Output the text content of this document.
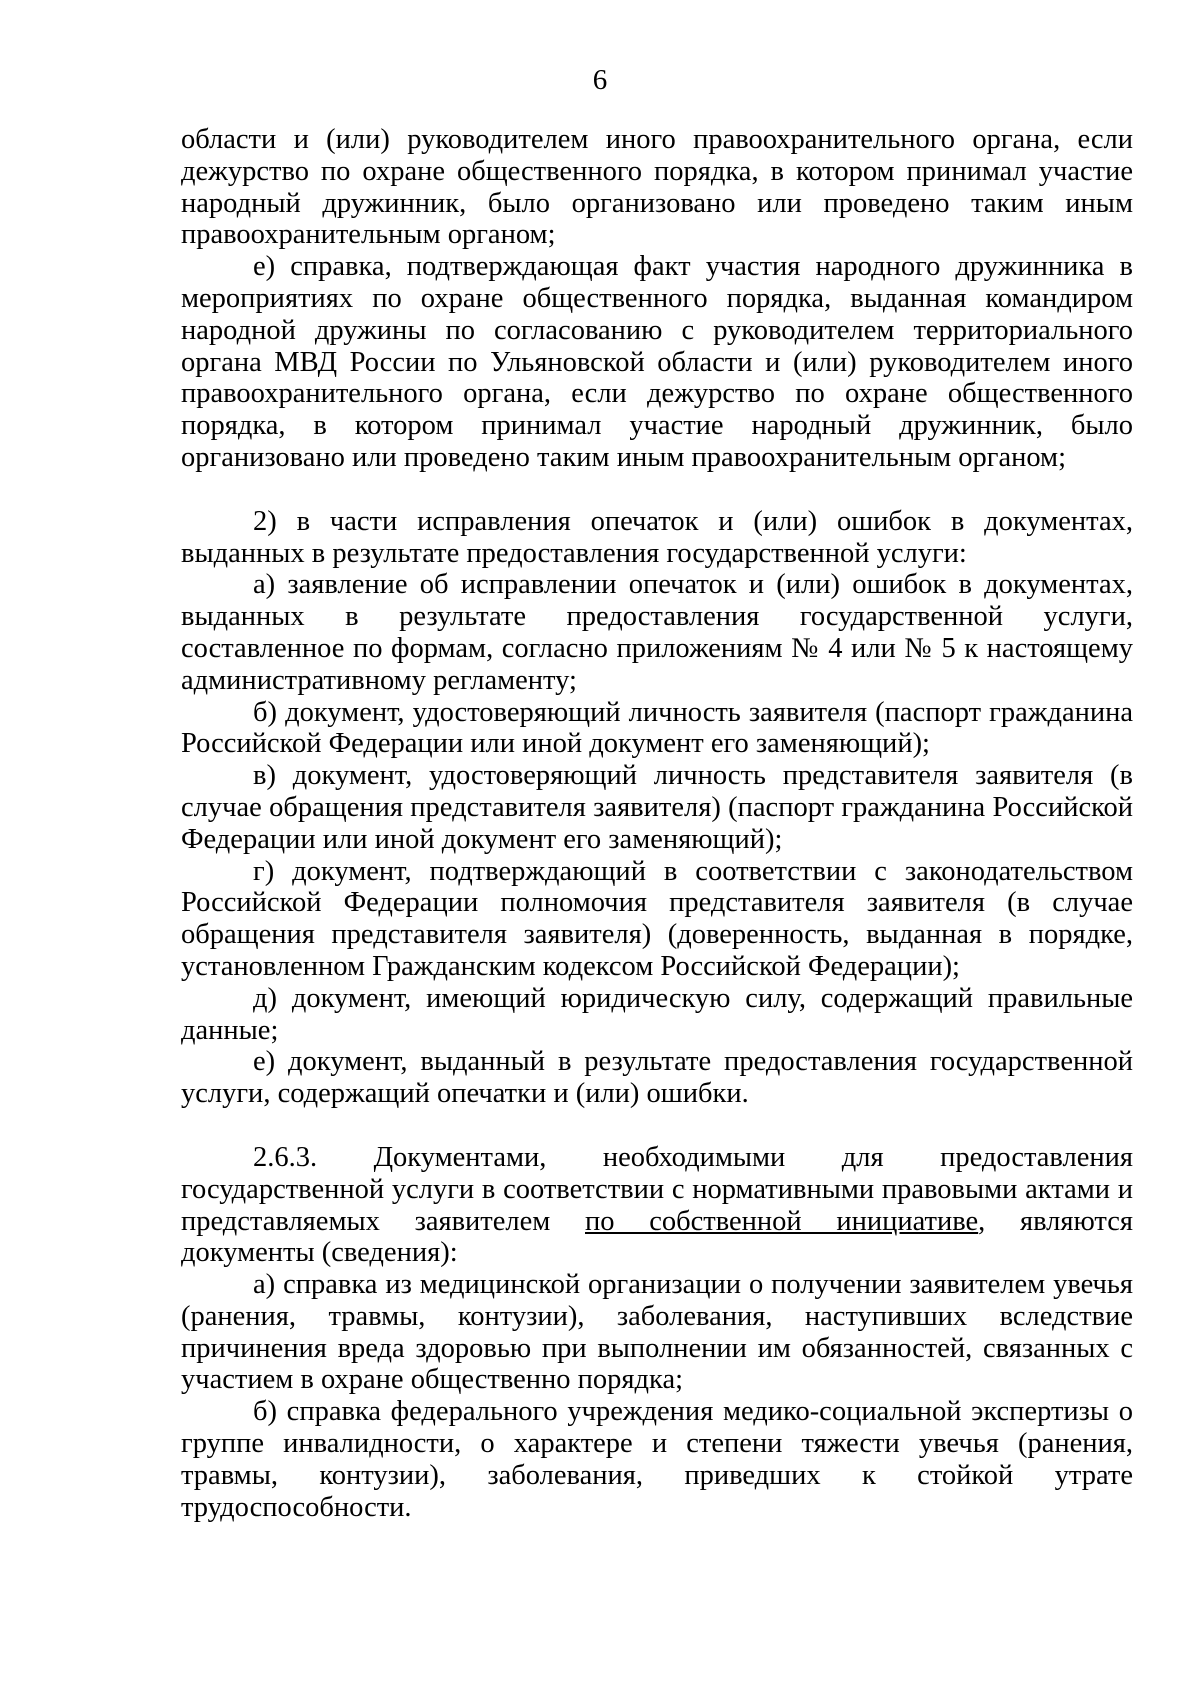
6

области и (или) руководителем иного правоохранительного органа, если дежурство по охране общественного порядка, в котором принимал участие народный дружинник, было организовано или проведено таким иным правоохранительным органом;

е) справка, подтверждающая факт участия народного дружинника в мероприятиях по охране общественного порядка, выданная командиром народной дружины по согласованию с руководителем территориального органа МВД России по Ульяновской области и (или) руководителем иного правоохранительного органа, если дежурство по охране общественного порядка, в котором принимал участие народный дружинник, было организовано или проведено таким иным правоохранительным органом;

2) в части исправления опечаток и (или) ошибок в документах, выданных в результате предоставления государственной услуги:

а) заявление об исправлении опечаток и (или) ошибок в документах, выданных в результате предоставления государственной услуги, составленное по формам, согласно приложениям № 4 или № 5 к настоящему административному регламенту;

б) документ, удостоверяющий личность заявителя (паспорт гражданина Российской Федерации или иной документ его заменяющий);

в) документ, удостоверяющий личность представителя заявителя (в случае обращения представителя заявителя) (паспорт гражданина Российской Федерации или иной документ его заменяющий);

г) документ, подтверждающий в соответствии с законодательством Российской Федерации полномочия представителя заявителя (в случае обращения представителя заявителя) (доверенность, выданная в порядке, установленном Гражданским кодексом Российской Федерации);

д) документ, имеющий юридическую силу, содержащий правильные данные;

е) документ, выданный в результате предоставления государственной услуги, содержащий опечатки и (или) ошибки.

2.6.3. Документами, необходимыми для предоставления государственной услуги в соответствии с нормативными правовыми актами и представляемых заявителем по собственной инициативе, являются документы (сведения):

а) справка из медицинской организации о получении заявителем увечья (ранения, травмы, контузии), заболевания, наступивших вследствие причинения вреда здоровью при выполнении им обязанностей, связанных с участием в охране общественно порядка;

б) справка федерального учреждения медико-социальной экспертизы о группе инвалидности, о характере и степени тяжести увечья (ранения, травмы, контузии), заболевания, приведших к стойкой утрате трудоспособности.
